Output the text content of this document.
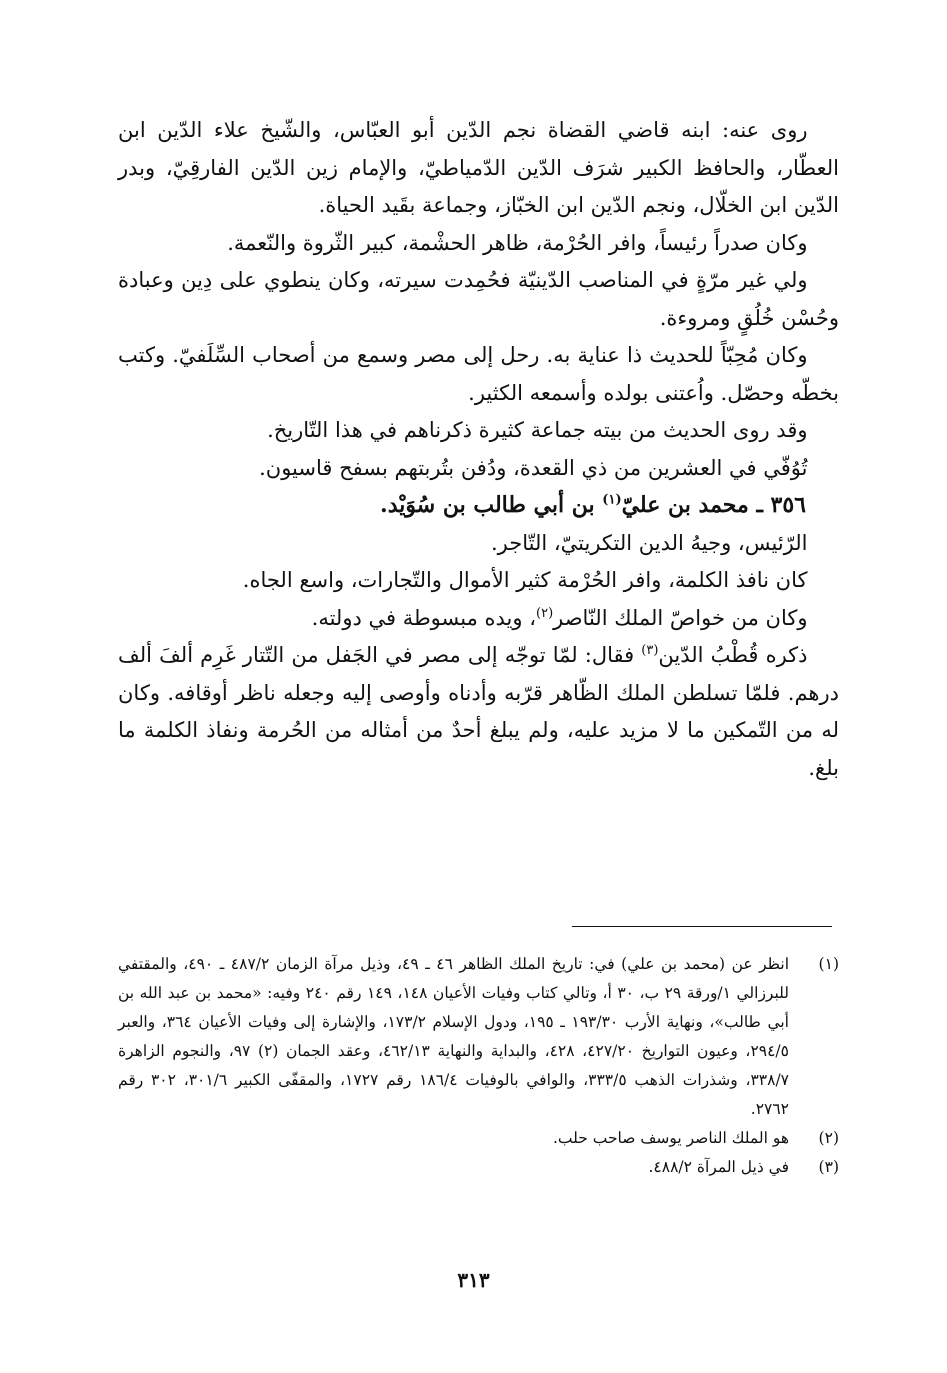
روى عنه: ابنه قاضي القضاة نجم الدّين أبو العبّاس، والشّيخ علاء الدّين ابن العطّار، والحافظ الكبير شرَف الدّين الدّمياطيّ، والإمام زين الدّين الفارقِيّ، وبدر الدّين ابن الخلّال، ونجم الدّين ابن الخبّاز، وجماعة بقَيد الحياة.

وكان صدراً رئيساً، وافر الحُرْمة، ظاهر الحشْمة، كبير الثّروة والنّعمة.

ولي غير مرّةٍ في المناصب الدّينيّة فحُمِدت سيرته، وكان ينطوي على دِين وعبادة وحُسْن خُلُقٍ ومروءة.

وكان مُحِبّاً للحديث ذا عناية به. رحل إلى مصر وسمع من أصحاب السِّلَفيّ. وكتب بخطّه وحصّل. واُعتنى بولده وأسمعه الكثير.

وقد روى الحديث من بيته جماعة كثيرة ذكرناهم في هذا التّاريخ.

تُوُفّي في العشرين من ذي القعدة، ودُفن بتُربتهم بسفح قاسيون.

٣٥٦ ـ محمد بن عليّ$^{(١)}$ بن أبي طالب بن سُوَيْد.

الرّئيس، وجيهُ الدين التكريتيّ، التّاجر.

كان نافذ الكلمة، وافر الحُرْمة كثير الأموال والتّجارات، واسع الجاه.

وكان من خواصّ الملك النّاصر$^{(٢)}$، ويده مبسوطة في دولته.

ذكره قُطْبُ الدّين$^{(٣)}$ فقال: لمّا توجّه إلى مصر في الجَفل من التّتار غَرِم ألفَ ألف درهم. فلمّا تسلطن الملك الظّاهر قرّبه وأدناه وأوصى إليه وجعله ناظر أوقافه. وكان له من التّمكين ما لا مزيد عليه، ولم يبلغ أحدٌ من أمثاله من الحُرمة ونفاذ الكلمة ما بلغ.

(١)
انظر عن (محمد بن علي) في: تاريخ الملك الظاهر ٤٦ ـ ٤٩، وذيل مرآة الزمان ٤٨٧/٢ ـ ٤٩٠، والمقتفي للبرزالي ١/ورقة ٢٩ ب، ٣٠ أ، وتالي كتاب وفيات الأعيان ١٤٨، ١٤٩ رقم ٢٤٠ وفيه: «محمد بن عبد الله بن أبي طالب»، ونهاية الأرب ١٩٣/٣٠ ـ ١٩٥، ودول الإسلام ١٧٣/٢، والإشارة إلى وفيات الأعيان ٣٦٤، والعبر ٢٩٤/٥، وعيون التواريخ ٤٢٧/٢٠، ٤٢٨، والبداية والنهاية ٤٦٢/١٣، وعقد الجمان (٢) ٩٧، والنجوم الزاهرة ٣٣٨/٧، وشذرات الذهب ٣٣٣/٥، والوافي بالوفيات ١٨٦/٤ رقم ١٧٢٧، والمقفّى الكبير ٣٠١/٦، ٣٠٢ رقم ٢٧٦٢.
(٢)
هو الملك الناصر يوسف صاحب حلب.
(٣)
في ذيل المرآة ٤٨٨/٢.
٣١٣
